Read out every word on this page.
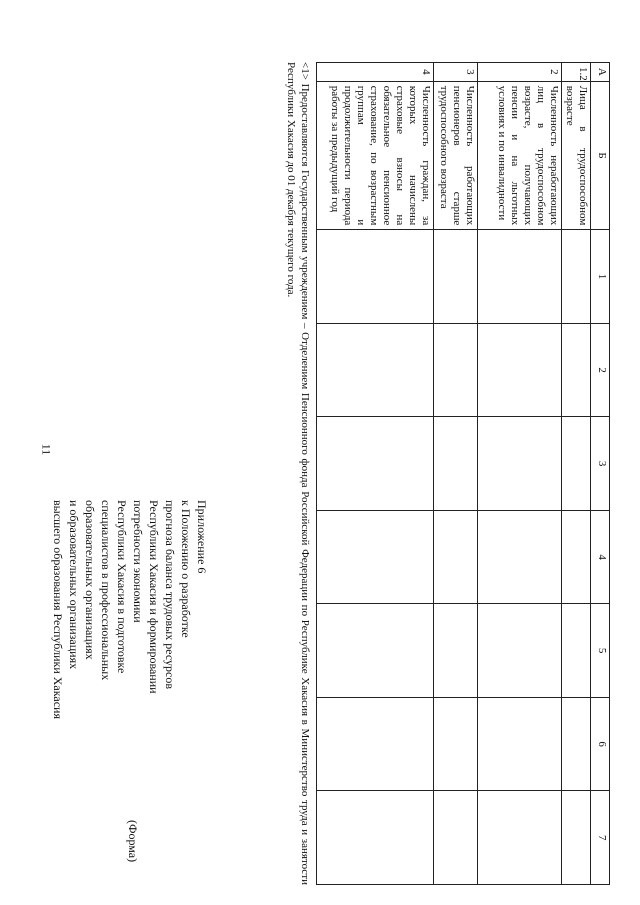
11
А	Б	1	2	3	4	5	6	7
1.2	Лица в трудоспособном возрасте							
2	Численность неработающих лиц в трудоспособном возрасте, получающих пенсии и на льготных условиях и по инвалидности							
3	Численность работающих пенсионеров старше трудоспособного возраста							
4	Численность граждан, за которых начислены страховые взносы на обязательное пенсионное страхование, по возрастным группам и продолжительности периода работы за предыдущий год							
<1> Предоставляются Государственным учреждением – Отделением Пенсионного фонда Российской Федерации по Республике Хакасия в Министерство труда и занятости Республики Хакасия до 01 декабря текущего года.
Приложение 6
к Положению о разработке
прогноза баланса трудовых ресурсов
Республики Хакасия и формировании
потребности экономики
Республики Хакасия в подготовке
специалистов в профессиональных
образовательных организациях
и образовательных организациях
высшего образования Республики Хакасия
(Форма)
